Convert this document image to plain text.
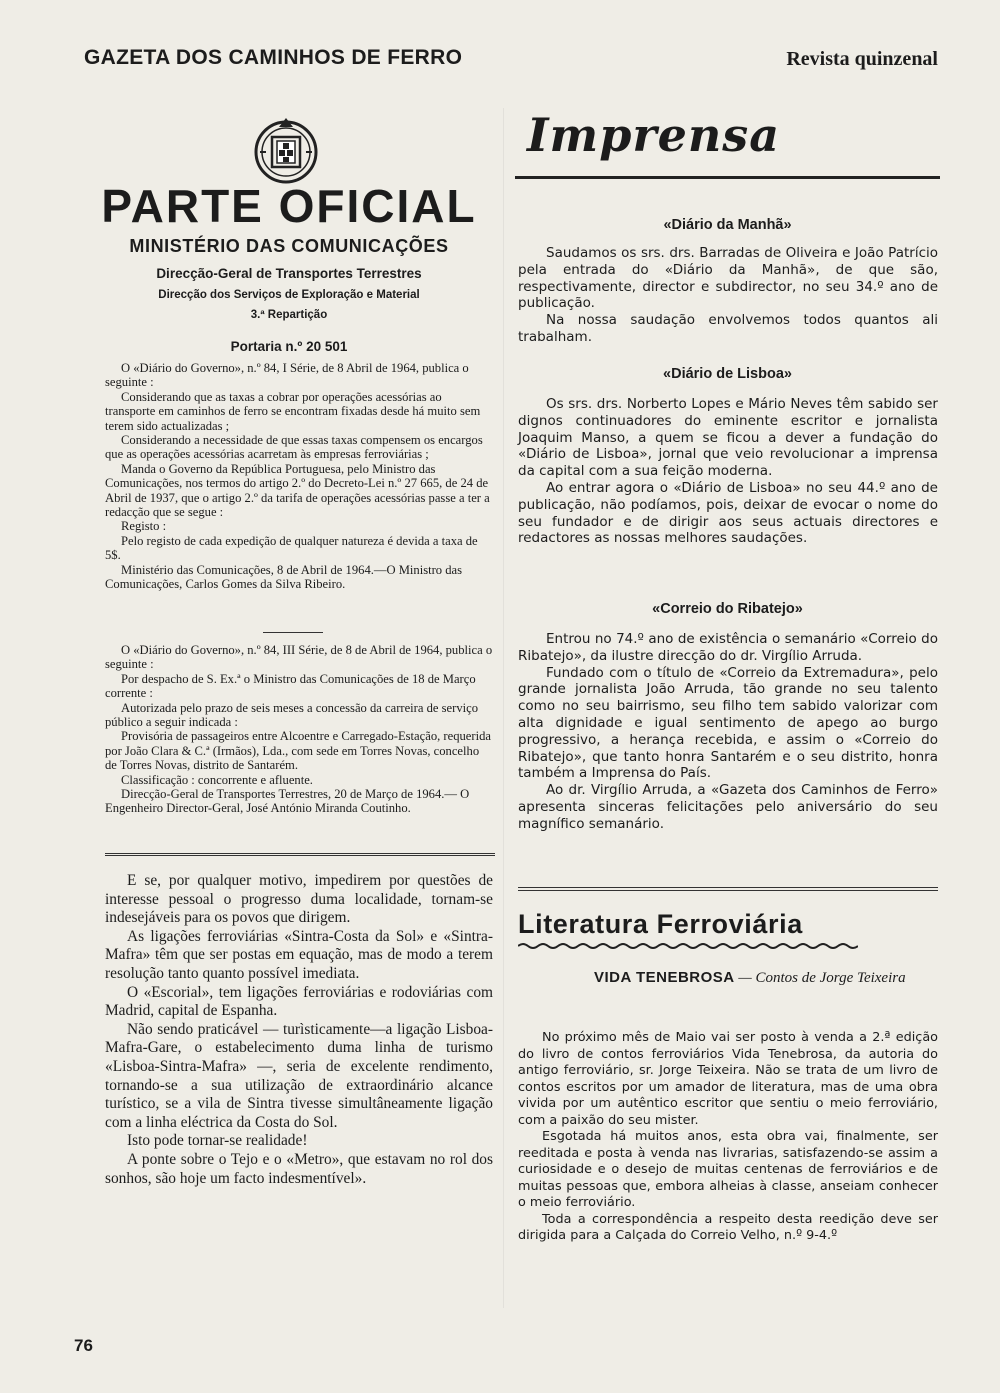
GAZETA DOS CAMINHOS DE FERRO	Revista quinzenal
PARTE OFICIAL
MINISTÉRIO DAS COMUNICAÇÕES
Direcção-Geral de Transportes Terrestres
Direcção dos Serviços de Exploração e Material
3.ª Repartição
Portaria n.º 20 501

O «Diário do Governo», n.º 84, I Série, de 8 Abril de 1964, publica o seguinte :

Considerando que as taxas a cobrar por operações acessórias ao transporte em caminhos de ferro se encontram fixadas desde há muito sem terem sido actualizadas ;

Considerando a necessidade de que essas taxas compensem os encargos que as operações acessórias acarretam às empresas ferroviárias ;

Manda o Governo da República Portuguesa, pelo Ministro das Comunicações, nos termos do artigo 2.º do Decreto-Lei n.º 27 665, de 24 de Abril de 1937, que o artigo 2.º da tarifa de operações acessórias passe a ter a redacção que se segue :

Registo :

Pelo registo de cada expedição de qualquer natureza é devida a taxa de 5$.

Ministério das Comunicações, 8 de Abril de 1964.—O Ministro das Comunicações, Carlos Gomes da Silva Ribeiro.

O «Diário do Governo», n.º 84, III Série, de 8 de Abril de 1964, publica o seguinte :

Por despacho de S. Ex.ª o Ministro das Comunicações de 18 de Março corrente :

Autorizada pelo prazo de seis meses a concessão da carreira de serviço público a seguir indicada :

Provisória de passageiros entre Alcoentre e Carregado-Estação, requerida por João Clara & C.ª (Irmãos), Lda., com sede em Torres Novas, concelho de Torres Novas, distrito de Santarém.

Classificação : concorrente e afluente.

Direcção-Geral de Transportes Terrestres, 20 de Março de 1964.— O Engenheiro Director-Geral, José António Miranda Coutinho.

E se, por qualquer motivo, impedirem por questões de interesse pessoal o progresso duma localidade, tornam-se indesejáveis para os povos que dirigem.

As ligações ferroviárias «Sintra-Costa da Sol» e «Sintra-Mafra» têm que ser postas em equação, mas de modo a terem resolução tanto quanto possível imediata.

O «Escorial», tem ligações ferroviárias e rodoviárias com Madrid, capital de Espanha.

Não sendo praticável — turìsticamente—a ligação Lisboa-Mafra-Gare, o estabelecimento duma linha de turismo «Lisboa-Sintra-Mafra» —, seria de excelente rendimento, tornando-se a sua utilização de extraordinário alcance turístico, se a vila de Sintra tivesse simultâneamente ligação com a linha eléctrica da Costa do Sol.

Isto pode tornar-se realidade!

A ponte sobre o Tejo e o «Metro», que estavam no rol dos sonhos, são hoje um facto indesmentível».

76
Imprensa
«Diário da Manhã»

Saudamos os srs. drs. Barradas de Oliveira e João Patrício pela entrada do «Diário da Manhã», de que são, respectivamente, director e subdirector, no seu 34.º ano de publicação.

Na nossa saudação envolvemos todos quantos ali trabalham.

«Diário de Lisboa»

Os srs. drs. Norberto Lopes e Mário Neves têm sabido ser dignos continuadores do eminente escritor e jornalista Joaquim Manso, a quem se ficou a dever a fundação do «Diário de Lisboa», jornal que veio revolucionar a imprensa da capital com a sua feição moderna.

Ao entrar agora o «Diário de Lisboa» no seu 44.º ano de publicação, não podíamos, pois, deixar de evocar o nome do seu fundador e de dirigir aos seus actuais directores e redactores as nossas melhores saudações.

«Correio do Ribatejo»

Entrou no 74.º ano de existência o semanário «Correio do Ribatejo», da ilustre direcção do dr. Virgílio Arruda.

Fundado com o título de «Correio da Extremadura», pelo grande jornalista João Arruda, tão grande no seu talento como no seu bairrismo, seu filho tem sabido valorizar com alta dignidade e igual sentimento de apego ao burgo progressivo, a herança recebida, e assim o «Correio do Ribatejo», que tanto honra Santarém e o seu distrito, honra também a Imprensa do País.

Ao dr. Virgílio Arruda, a «Gazeta dos Caminhos de Ferro» apresenta sinceras felicitações pelo aniversário do seu magnífico semanário.

Literatura Ferroviária
VIDA TENEBROSA — Contos de Jorge Teixeira

No próximo mês de Maio vai ser posto à venda a 2.ª edição do livro de contos ferroviários Vida Tenebrosa, da autoria do antigo ferroviário, sr. Jorge Teixeira. Não se trata de um livro de contos escritos por um amador de literatura, mas de uma obra vivida por um autêntico escritor que sentiu o meio ferroviário, com a paixão do seu mister.

Esgotada há muitos anos, esta obra vai, finalmente, ser reeditada e posta à venda nas livrarias, satisfazendo-se assim a curiosidade e o desejo de muitas centenas de ferroviários e de muitas pessoas que, embora alheias à classe, anseiam conhecer o meio ferroviário.

Toda a correspondência a respeito desta reedição deve ser dirigida para a Calçada do Correio Velho, n.º 9-4.º
